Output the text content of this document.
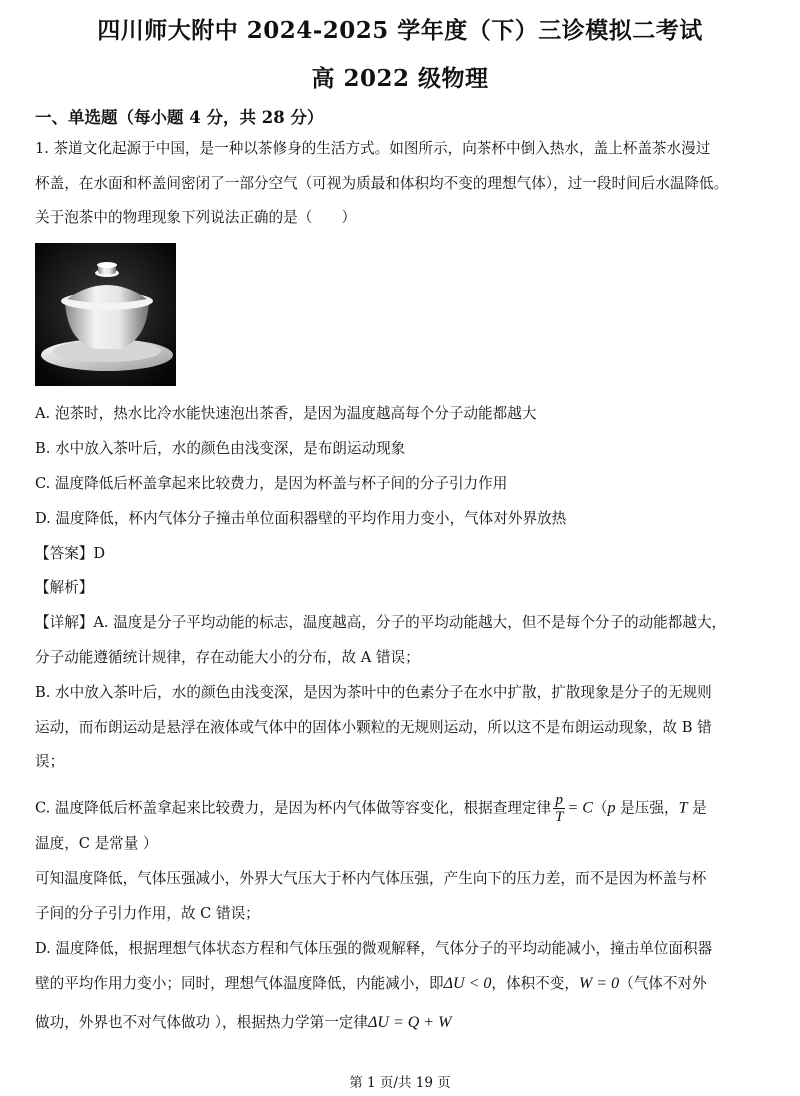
四川师大附中 2024-2025 学年度（下）三诊模拟二考试
高 2022 级物理
一、单选题（每小题 4 分，共 28 分）
1. 茶道文化起源于中国，是一种以茶修身的生活方式。如图所示，向茶杯中倒入热水，盖上杯盖茶水漫过
杯盖，在水面和杯盖间密闭了一部分空气（可视为质最和体积均不变的理想气体），过一段时间后水温降低。
关于泡茶中的物理现象下列说法正确的是（　　）
A. 泡茶时，热水比冷水能快速泡出茶香，是因为温度越高每个分子动能都越大
B. 水中放入茶叶后，水的颜色由浅变深，是布朗运动现象
C. 温度降低后杯盖拿起来比较费力，是因为杯盖与杯子间的分子引力作用
D. 温度降低，杯内气体分子撞击单位面积器壁的平均作用力变小，气体对外界放热
【答案】D
【解析】
【详解】A. 温度是分子平均动能的标志，温度越高，分子的平均动能越大，但不是每个分子的动能都越大，
分子动能遵循统计规律，存在动能大小的分布，故 A 错误；
B. 水中放入茶叶后，水的颜色由浅变深，是因为茶叶中的色素分子在水中扩散，扩散现象是分子的无规则
运动，而布朗运动是悬浮在液体或气体中的固体小颗粒的无规则运动，所以这不是布朗运动现象，故 B 错
误；
C. 温度降低后杯盖拿起来比较费力，是因为杯内气体做等容变化，根据查理定律 $\frac{p}{T} = C(p$ 是压强，T 是
温度，C 是常量 ）
可知温度降低，气体压强减小，外界大气压大于杯内气体压强，产生向下的压力差，而不是因为杯盖与杯
子间的分子引力作用，故 C 错误；
D. 温度降低，根据理想气体状态方程和气体压强的微观解释，气体分子的平均动能减小，撞击单位面积器
壁的平均作用力变小；同时，理想气体温度降低，内能减小，即ΔU < 0，体积不变，W = 0（气体不对外
做功，外界也不对气体做功 ），根据热力学第一定律ΔU = Q + W
第 1 页/共 19 页
